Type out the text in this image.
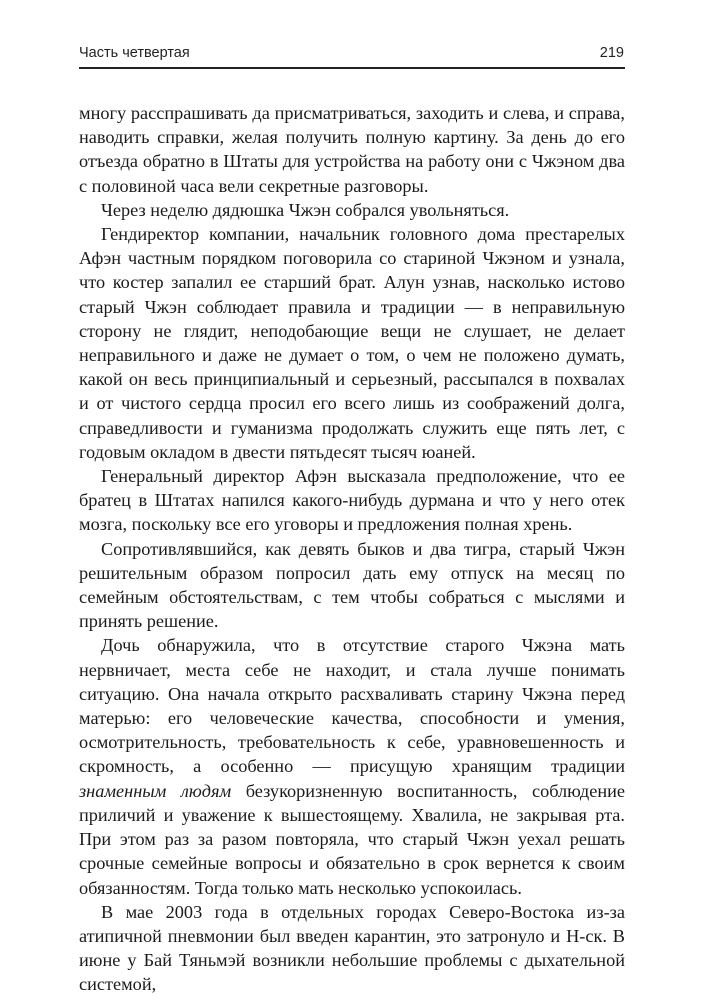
Часть четвертая	219

многу расспрашивать да присматриваться, заходить и слева, и справа, наводить справки, желая получить полную картину. За день до его отъезда обратно в Штаты для устройства на работу они с Чжэном два с половиной часа вели секретные разговоры.

Через неделю дядюшка Чжэн собрался увольняться.

Гендиректор компании, начальник головного дома престарелых Афэн частным порядком поговорила со стариной Чжэном и узнала, что костер запалил ее старший брат. Алун узнав, насколько истово старый Чжэн соблюдает правила и традиции — в неправильную сторону не глядит, неподобающие вещи не слушает, не делает неправильного и даже не думает о том, о чем не положено думать, какой он весь принципиальный и серьезный, рассыпался в похвалах и от чистого сердца просил его всего лишь из соображений долга, справедливости и гуманизма продолжать служить еще пять лет, с годовым окладом в двести пятьдесят тысяч юаней.

Генеральный директор Афэн высказала предположение, что ее братец в Штатах напился какого-нибудь дурмана и что у него отек мозга, поскольку все его уговоры и предложения полная хрень.

Сопротивлявшийся, как девять быков и два тигра, старый Чжэн решительным образом попросил дать ему отпуск на месяц по семейным обстоятельствам, с тем чтобы собраться с мыслями и принять решение.

Дочь обнаружила, что в отсутствие старого Чжэна мать нервничает, места себе не находит, и стала лучше понимать ситуацию. Она начала открыто расхваливать старину Чжэна перед матерью: его человеческие качества, способности и умения, осмотрительность, требовательность к себе, уравновешенность и скромность, а особенно — присущую хранящим традиции знаменным людям безукоризненную воспитанность, соблюдение приличий и уважение к вышестоящему. Хвалила, не закрывая рта. При этом раз за разом повторяла, что старый Чжэн уехал решать срочные семейные вопросы и обязательно в срок вернется к своим обязанностям. Тогда только мать несколько успокоилась.

В мае 2003 года в отдельных городах Северо-Востока из-за атипичной пневмонии был введен карантин, это затронуло и Н-ск. В июне у Бай Тяньмэй возникли небольшие проблемы с дыхательной системой,
